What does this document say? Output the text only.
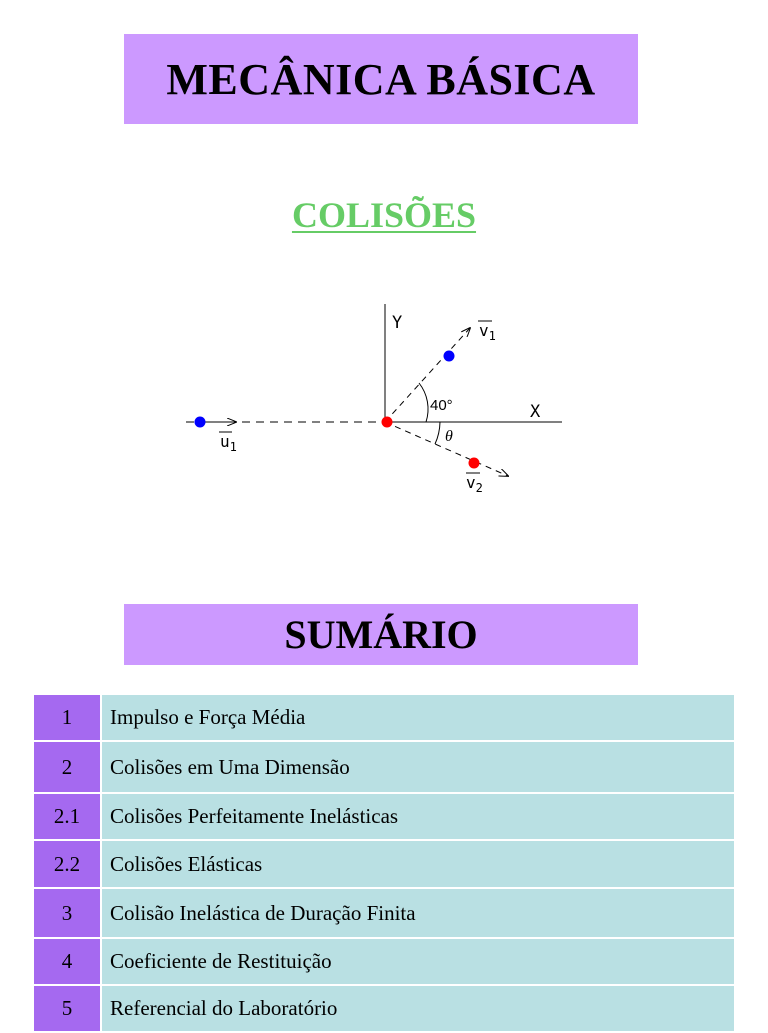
MECÂNICA BÁSICA
COLISÕES
Y
X
$u_1$
$v_1$
$v_2$
40°
θ
SUMÁRIO
1	Impulso e Força Média
2	Colisões em Uma Dimensão
2.1	Colisões Perfeitamente Inelásticas
2.2	Colisões Elásticas
3	Colisão Inelástica de Duração Finita
4	Coeficiente de Restituição
5	Referencial do Laboratório
